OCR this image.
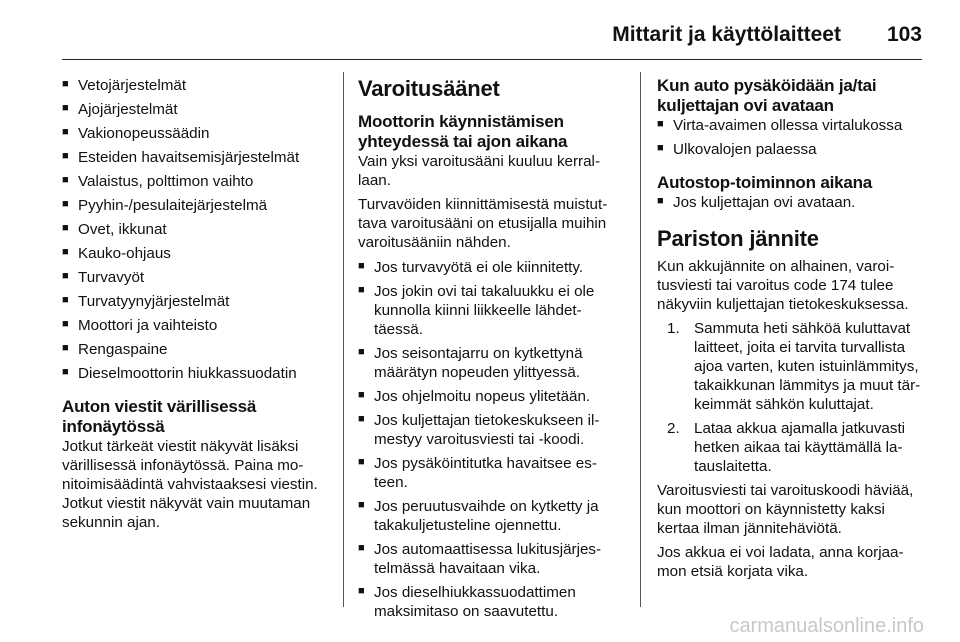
Mittarit ja käyttölaitteet 103
■ Vetojärjestelmät
■ Ajojärjestelmät
■ Vakionopeussäädin
■ Esteiden havaitsemisjärjestelmät
■ Valaistus, polttimon vaihto
■ Pyyhin-/pesulaitejärjestelmä
■ Ovet, ikkunat
■ Kauko-ohjaus
■ Turvavyöt
■ Turvatyynyjärjestelmät
■ Moottori ja vaihteisto
■ Rengaspaine
■ Dieselmoottorin hiukkassuodatin
Auton viestit värillisessä infonäytössä

Jotkut tärkeät viestit näkyvät lisäksi värillisessä infonäytössä. Paina monitoimisäädintä vahvistaaksesi viestin. Jotkut viestit näkyvät vain muutaman sekunnin ajan.

Varoitusäänet
Moottorin käynnistämisen yhteydessä tai ajon aikana

Vain yksi varoitusääni kuuluu kerrallaan.

Turvavöiden kiinnittämisestä muistuttava varoitusääni on etusijalla muihin varoitusääniin nähden.

■ Jos turvavyötä ei ole kiinnitetty.
■ Jos jokin ovi tai takaluukku ei ole kunnolla kiinni liikkeelle lähdettäessä.
■ Jos seisontajarru on kytkettynä määrätyn nopeuden ylittyessä.
■ Jos ohjelmoitu nopeus ylitetään.
■ Jos kuljettajan tietokeskukseen ilmestyy varoitusviesti tai -koodi.
■ Jos pysäköintitutka havaitsee esteen.
■ Jos peruutusvaihde on kytketty ja takakuljetusteline ojennettu.
■ Jos automaattisessa lukitusjärjestelmässä havaitaan vika.
■ Jos dieselhiukkassuodattimen maksimitaso on saavutettu.
Kun auto pysäköidään ja/tai kuljettajan ovi avataan
■ Virta-avaimen ollessa virtalukossa
■ Ulkovalojen palaessa
Autostop-toiminnon aikana
■ Jos kuljettajan ovi avataan.
Pariston jännite

Kun akkujännite on alhainen, varoitusviesti tai varoitus code 174 tulee näkyviin kuljettajan tietokeskuksessa.

1. Sammuta heti sähköä kuluttavat laitteet, joita ei tarvita turvallista ajoa varten, kuten istuinlämmitys, takaikkunan lämmitys ja muut tärkeimmät sähkön kuluttajat.
2. Lataa akkua ajamalla jatkuvasti hetken aikaa tai käyttämällä latauslaitetta.

Varoitusviesti tai varoituskoodi häviää, kun moottori on käynnistetty kaksi kertaa ilman jännitehäviötä.

Jos akkua ei voi ladata, anna korjaamon etsiä korjata vika.

carmanualsonline.info
